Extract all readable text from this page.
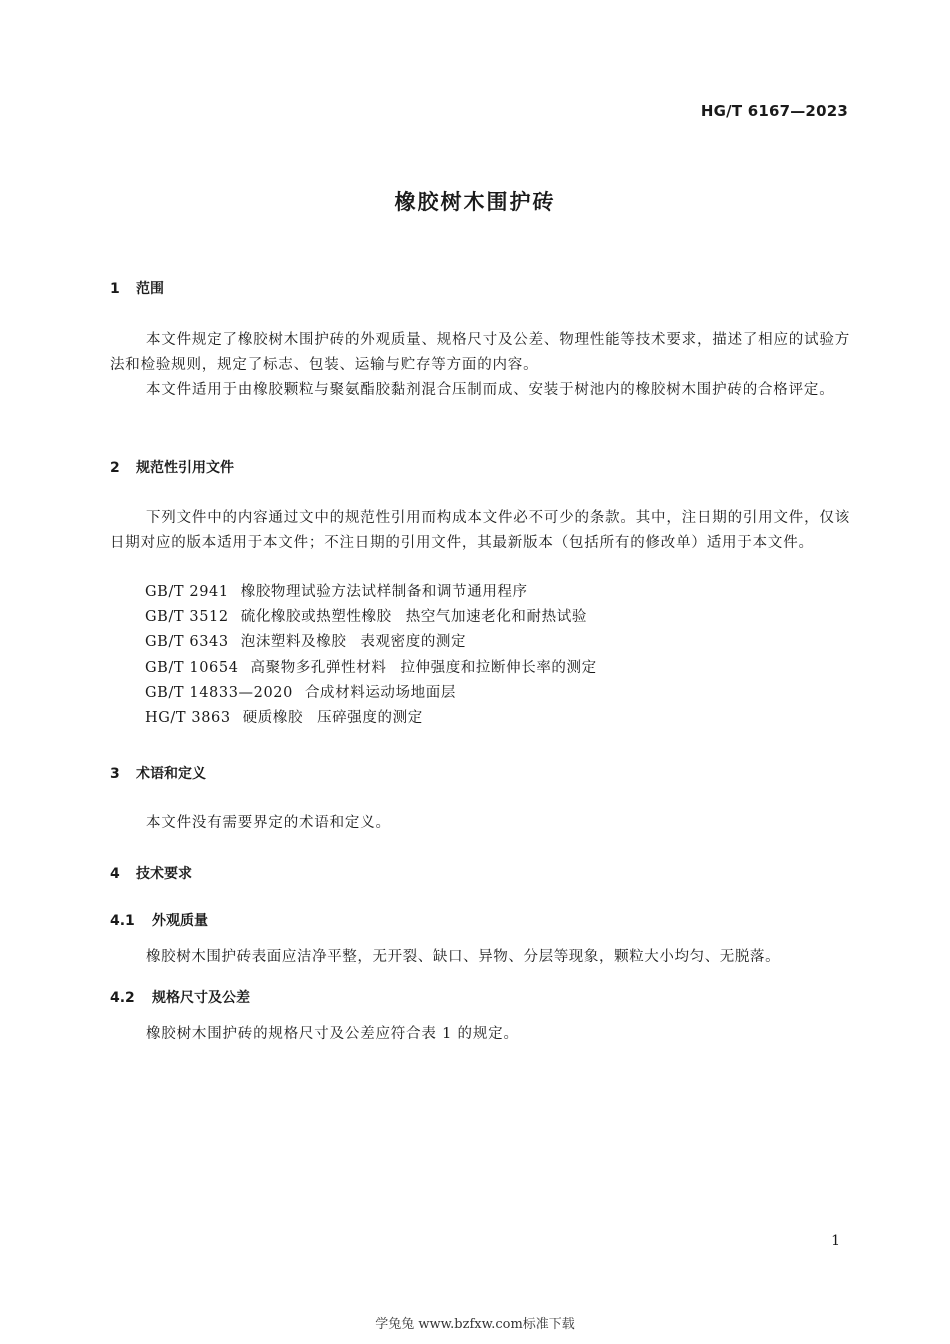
HG/T 6167—2023
橡胶树木围护砖
1 范围

本文件规定了橡胶树木围护砖的外观质量、规格尺寸及公差、物理性能等技术要求，描述了相应的试验方法和检验规则，规定了标志、包装、运输与贮存等方面的内容。

本文件适用于由橡胶颗粒与聚氨酯胶黏剂混合压制而成、安装于树池内的橡胶树木围护砖的合格评定。

2 规范性引用文件

下列文件中的内容通过文中的规范性引用而构成本文件必不可少的条款。其中，注日期的引用文件，仅该日期对应的版本适用于本文件；不注日期的引用文件，其最新版本（包括所有的修改单）适用于本文件。

GB/T 2941 橡胶物理试验方法试样制备和调节通用程序
GB/T 3512 硫化橡胶或热塑性橡胶 热空气加速老化和耐热试验
GB/T 6343 泡沫塑料及橡胶 表观密度的测定
GB/T 10654 高聚物多孔弹性材料 拉伸强度和拉断伸长率的测定
GB/T 14833—2020 合成材料运动场地面层
HG/T 3863 硬质橡胶 压碎强度的测定
3 术语和定义

本文件没有需要界定的术语和定义。

4 技术要求
4.1 外观质量

橡胶树木围护砖表面应洁净平整，无开裂、缺口、异物、分层等现象，颗粒大小均匀、无脱落。

4.2 规格尺寸及公差

橡胶树木围护砖的规格尺寸及公差应符合表 1 的规定。

1
学兔兔 www.bzfxw.com标准下载
